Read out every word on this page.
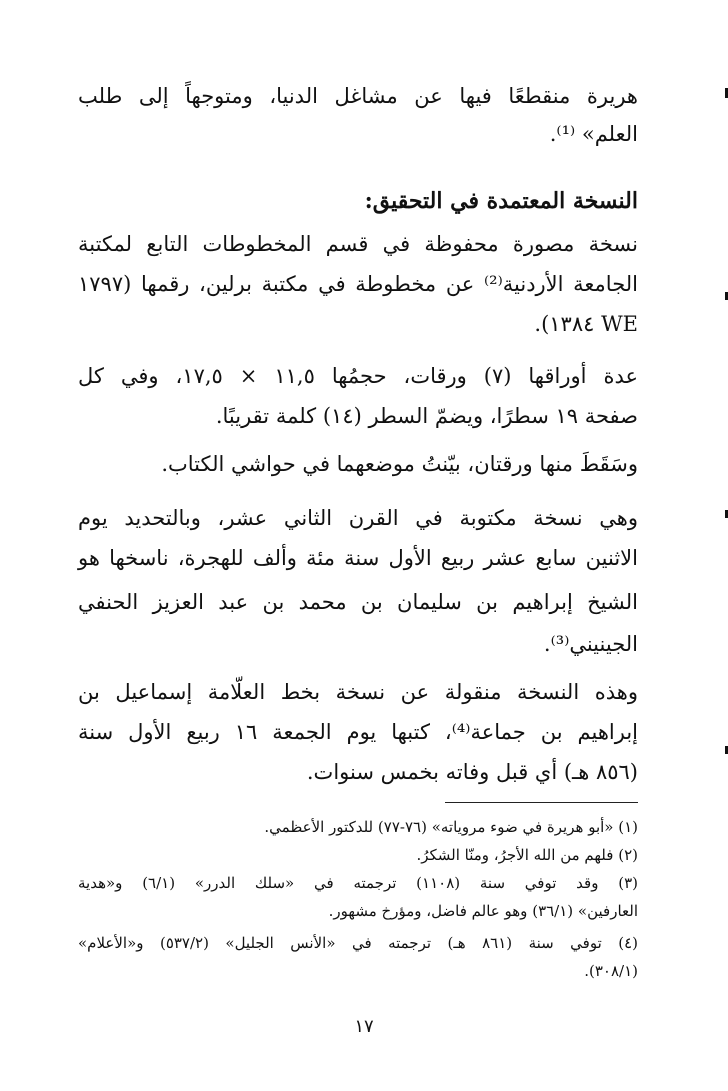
هريرة منقطعًا فيها عن مشاغل الدنيا، ومتوجهاً إلى طلب
العلم» ⁽¹⁾.
النسخة المعتمدة في التحقيق:
نسخة مصورة محفوظة في قسم المخطوطات التابع لمكتبة
الجامعة الأردنية⁽²⁾ عن مخطوطة في مكتبة برلين، رقمها (١٧٩٧
WE ١٣٨٤).
عدة أوراقها (٧) ورقات، حجمُها ١١,٥ × ١٧,٥، وفي كل
صفحة ١٩ سطرًا، ويضمّ السطر (١٤) كلمة تقريبًا.
وسَقَطَ منها ورقتان، بيّنتُ موضعهما في حواشي الكتاب.
وهي نسخة مكتوبة في القرن الثاني عشر، وبالتحديد يوم
الاثنين سابع عشر ربيع الأول سنة مئة وألف للهجرة، ناسخها هو
الشيخ إبراهيم بن سليمان بن محمد بن عبد العزيز الحنفي
الجينيني⁽³⁾.
وهذه النسخة منقولة عن نسخة بخط العلّامة إسماعيل بن
إبراهيم بن جماعة⁽⁴⁾، كتبها يوم الجمعة ١٦ ربيع الأول سنة
(٨٥٦ هـ) أي قبل وفاته بخمس سنوات.
(١) «أبو هريرة في ضوء مروياته» (٧٦-٧٧) للدكتور الأعظمي.
(٢) فلهم من الله الأجرُ، ومنّا الشكرُ.
(٣) وقد توفي سنة (١١٠٨) ترجمته في «سلك الدرر» (٦/١) و«هدية
العارفين» (٣٦/١) وهو عالم فاضل، ومؤرخ مشهور.
(٤) توفي سنة (٨٦١ هـ) ترجمته في «الأنس الجليل» (٥٣٧/٢) و«الأعلام»
(٣٠٨/١).
١٧
